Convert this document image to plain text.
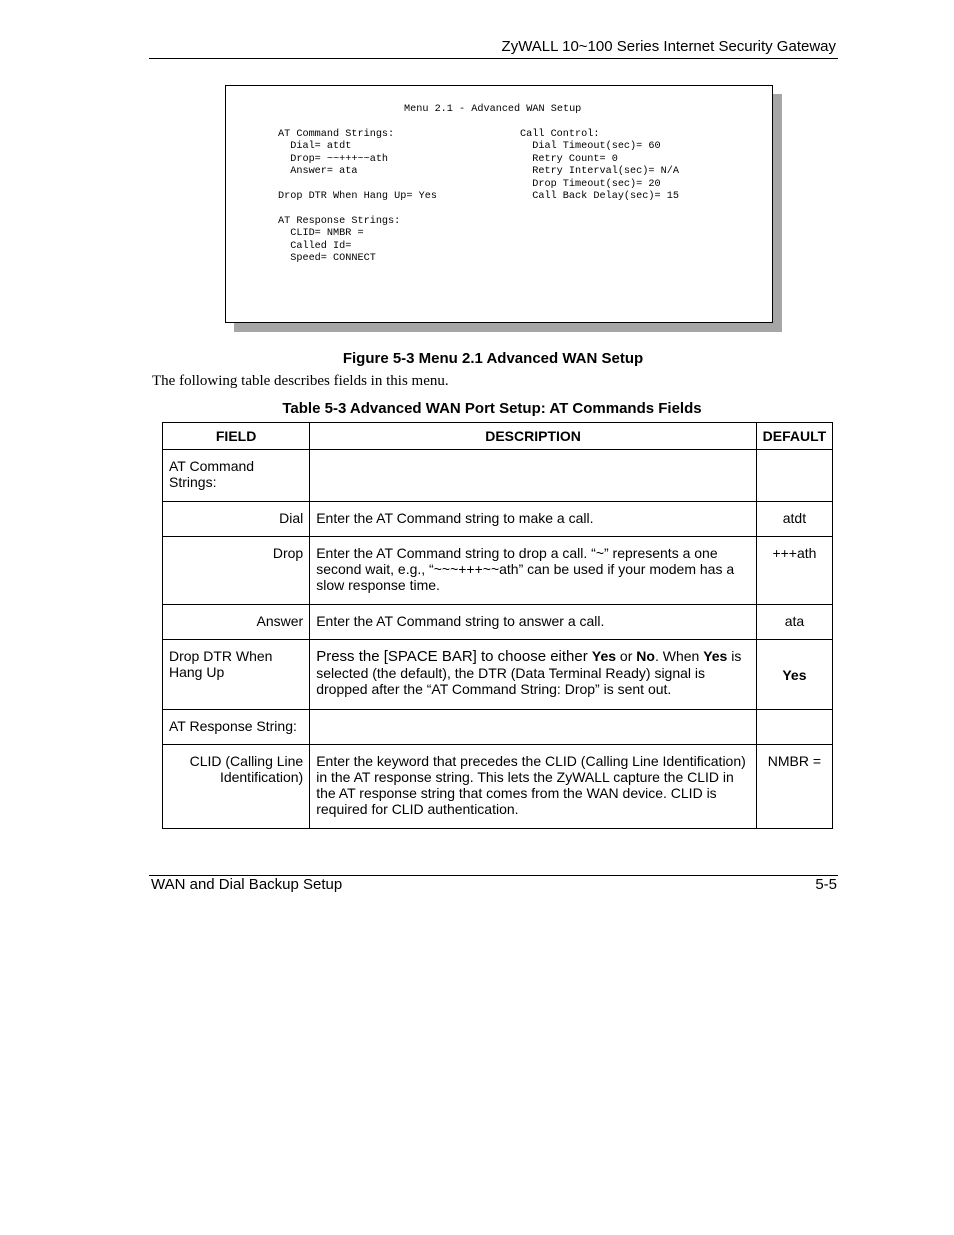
ZyWALL 10~100 Series Internet Security Gateway
Menu 2.1 - Advanced WAN Setup
AT Command Strings:
Dial= atdt
Drop= ~~+++~~ath
Answer= ata

Drop DTR When Hang Up= Yes

AT Response Strings:
CLID= NMBR =
Called Id=
Speed= CONNECT
Call Control:
Dial Timeout(sec)= 60
Retry Count= 0
Retry Interval(sec)= N/A
Drop Timeout(sec)= 20
Call Back Delay(sec)= 15
Figure 5-3 Menu 2.1 Advanced WAN Setup
The following table describes fields in this menu.
Table 5-3 Advanced WAN Port Setup: AT Commands Fields
FIELD	DESCRIPTION	DEFAULT
AT Command Strings:		
Dial	Enter the AT Command string to make a call.	atdt
Drop	Enter the AT Command string to drop a call. “~” represents a one second wait, e.g., “~~~+++~~ath” can be used if your modem has a slow response time.	+++ath
Answer	Enter the AT Command string to answer a call.	ata
Drop DTR When Hang Up	Press the [SPACE BAR] to choose either Yes or No. When Yes is selected (the default), the DTR (Data Terminal Ready) signal is dropped after the “AT Command String: Drop” is sent out.	Yes
AT Response String:		
CLID (Calling Line Identification)	Enter the keyword that precedes the CLID (Calling Line Identification) in the AT response string. This lets the ZyWALL capture the CLID in the AT response string that comes from the WAN device. CLID is required for CLID authentication.	NMBR =
WAN and Dial Backup Setup	5-5
